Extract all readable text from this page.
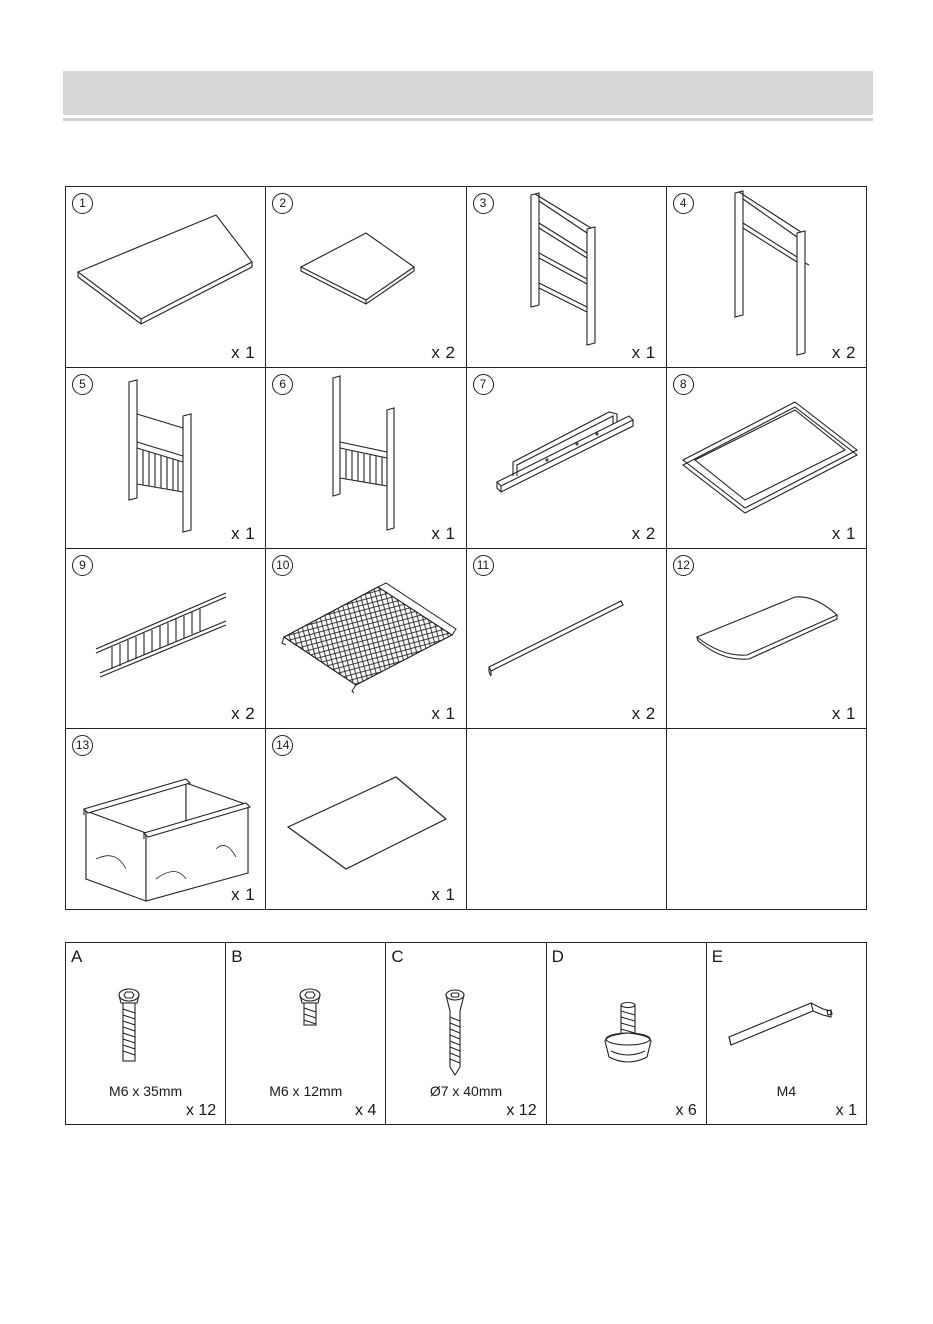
1
x 1
2
x 2
3
x 1
4
x 2
5
x 1
6
x 1
7
x 2
8
x 1
9
x 2
10
x 1
11
x 2
12
x 1
13
x 1
14
x 1
A
M6 x 35mm
x 12
B
M6 x 12mm
x 4
C
Ø7 x 40mm
x 12
D
x 6
E
M4
x 1
